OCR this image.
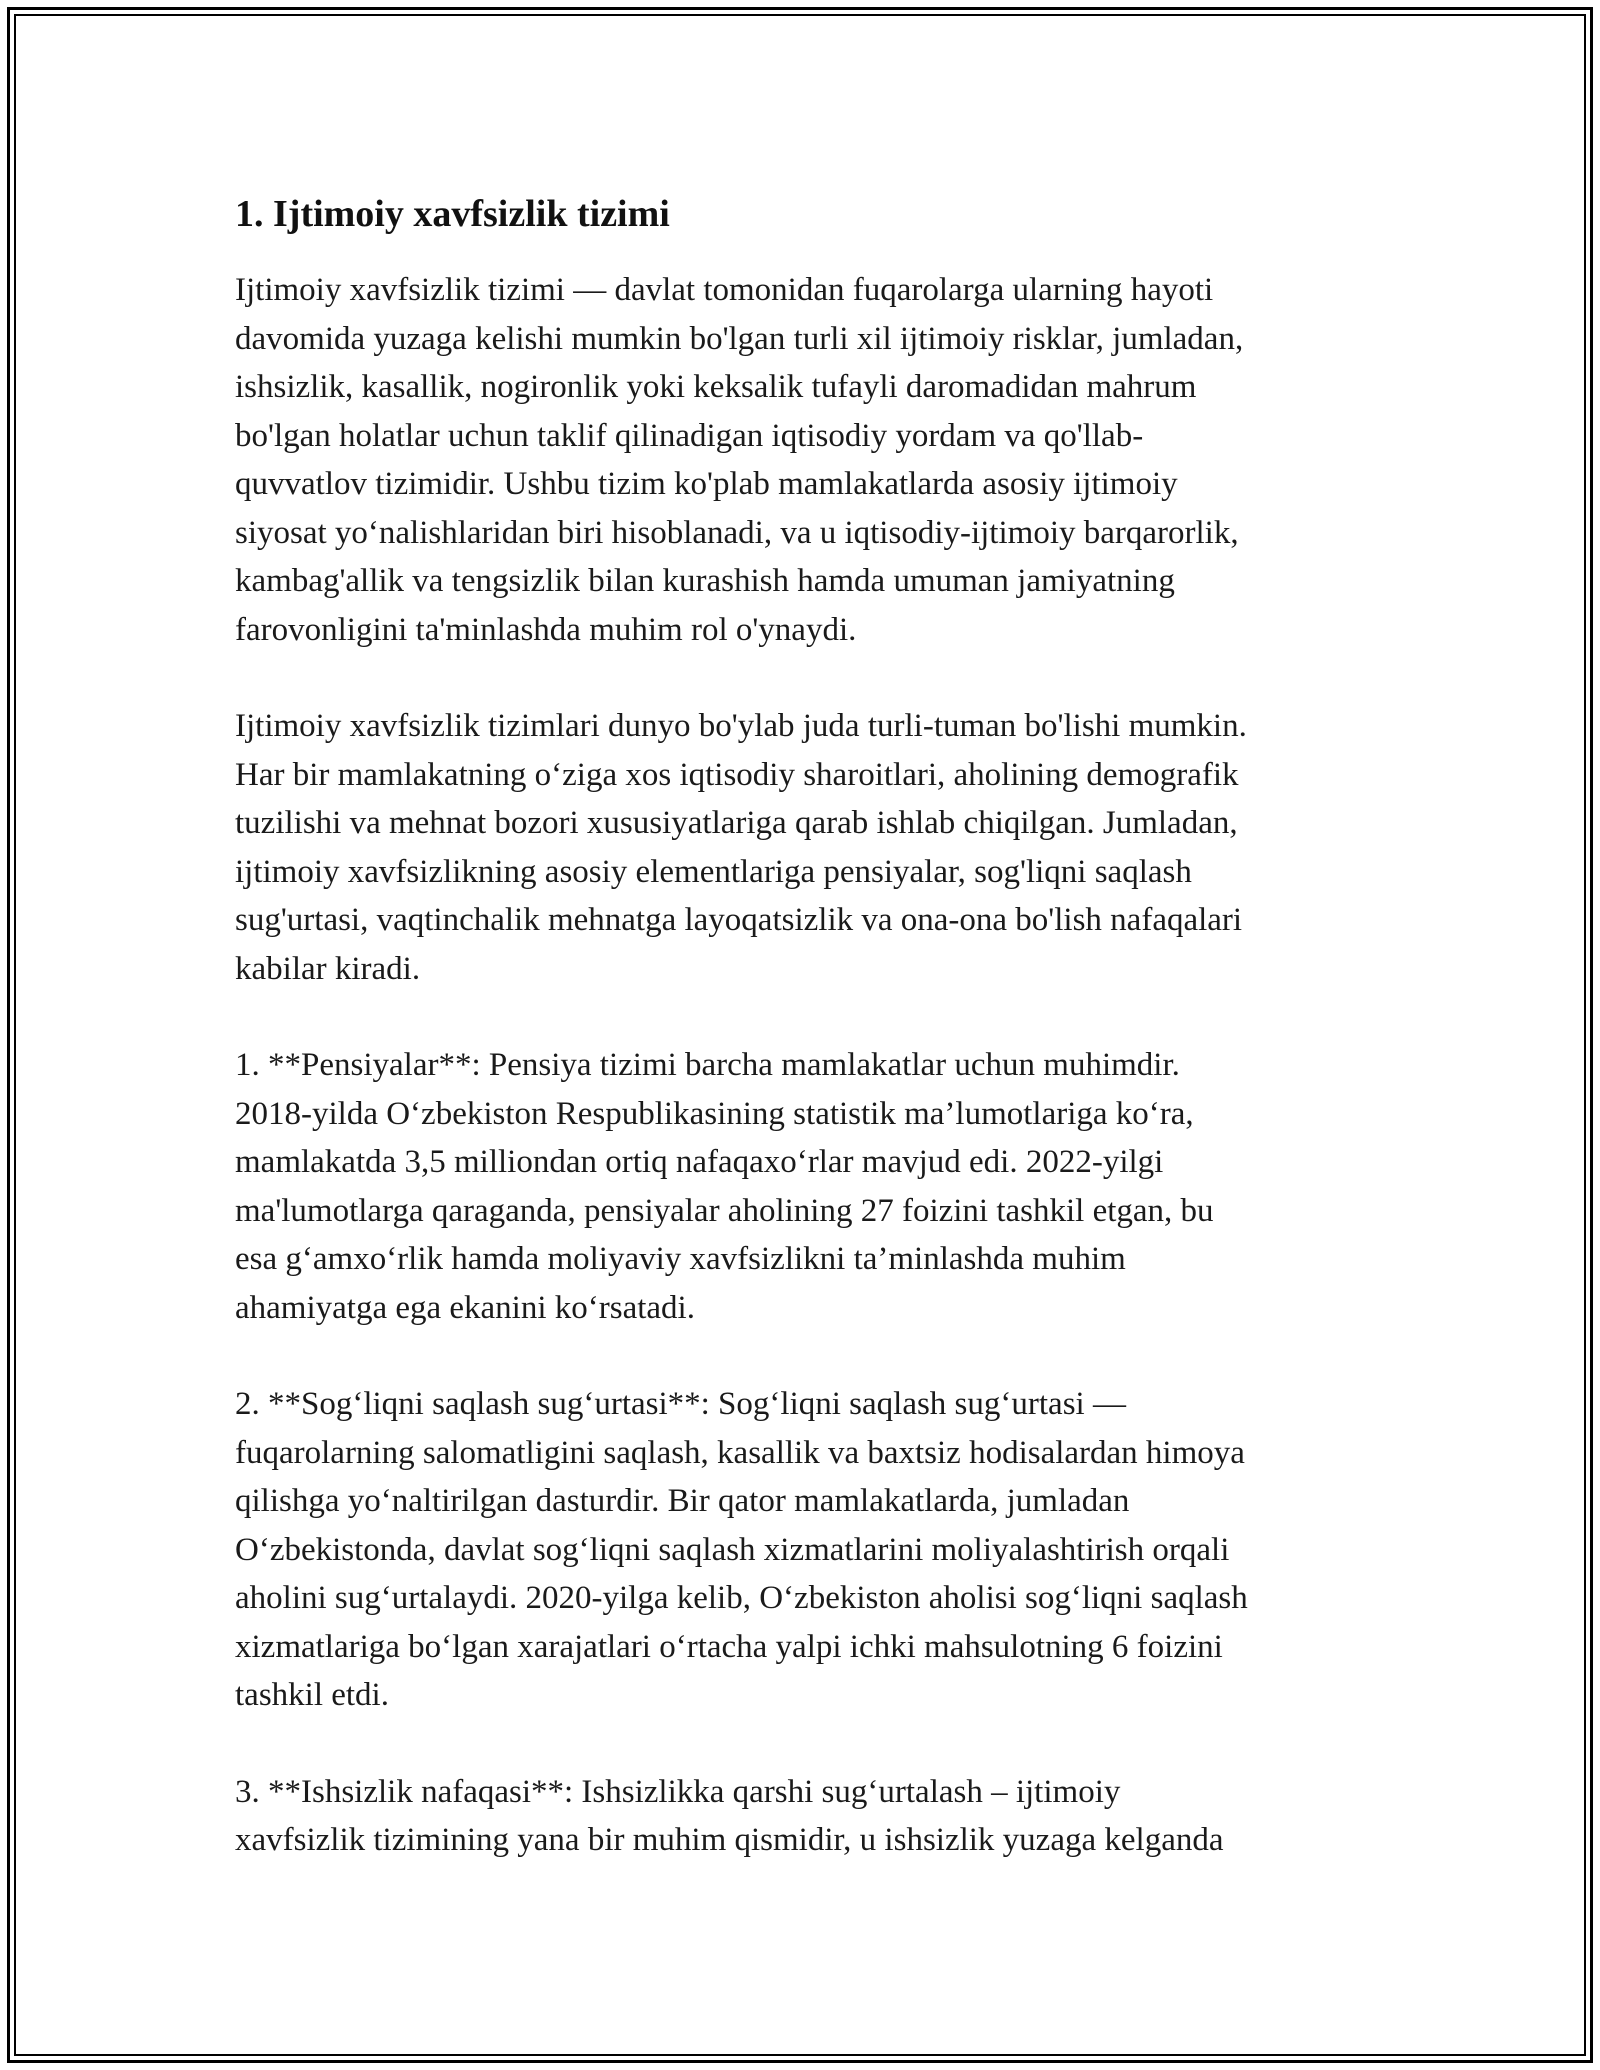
1. Ijtimoiy xavfsizlik tizimi

Ijtimoiy xavfsizlik tizimi — davlat tomonidan fuqarolarga ularning hayoti
davomida yuzaga kelishi mumkin bo'lgan turli xil ijtimoiy risklar, jumladan,
ishsizlik, kasallik, nogironlik yoki keksalik tufayli daromadidan mahrum
bo'lgan holatlar uchun taklif qilinadigan iqtisodiy yordam va qo'llab-
quvvatlov tizimidir. Ushbu tizim ko'plab mamlakatlarda asosiy ijtimoiy
siyosat yo‘nalishlaridan biri hisoblanadi, va u iqtisodiy-ijtimoiy barqarorlik,
kambag'allik va tengsizlik bilan kurashish hamda umuman jamiyatning
farovonligini ta'minlashda muhim rol o'ynaydi.

Ijtimoiy xavfsizlik tizimlari dunyo bo'ylab juda turli-tuman bo'lishi mumkin.
Har bir mamlakatning o‘ziga xos iqtisodiy sharoitlari, aholining demografik
tuzilishi va mehnat bozori xususiyatlariga qarab ishlab chiqilgan. Jumladan,
ijtimoiy xavfsizlikning asosiy elementlariga pensiyalar, sog'liqni saqlash
sug'urtasi, vaqtinchalik mehnatga layoqatsizlik va ona-ona bo'lish nafaqalari
kabilar kiradi.

1. **Pensiyalar**: Pensiya tizimi barcha mamlakatlar uchun muhimdir.
2018-yilda O‘zbekiston Respublikasining statistik ma’lumotlariga ko‘ra,
mamlakatda 3,5 milliondan ortiq nafaqaxo‘rlar mavjud edi. 2022-yilgi
ma'lumotlarga qaraganda, pensiyalar aholining 27 foizini tashkil etgan, bu
esa g‘amxo‘rlik hamda moliyaviy xavfsizlikni ta’minlashda muhim
ahamiyatga ega ekanini ko‘rsatadi.

2. **Sog‘liqni saqlash sug‘urtasi**: Sog‘liqni saqlash sug‘urtasi —
fuqarolarning salomatligini saqlash, kasallik va baxtsiz hodisalardan himoya
qilishga yo‘naltirilgan dasturdir. Bir qator mamlakatlarda, jumladan
O‘zbekistonda, davlat sog‘liqni saqlash xizmatlarini moliyalashtirish orqali
aholini sug‘urtalaydi. 2020-yilga kelib, O‘zbekiston aholisi sog‘liqni saqlash
xizmatlariga bo‘lgan xarajatlari o‘rtacha yalpi ichki mahsulotning 6 foizini
tashkil etdi.

3. **Ishsizlik nafaqasi**: Ishsizlikka qarshi sug‘urtalash – ijtimoiy
xavfsizlik tizimining yana bir muhim qismidir, u ishsizlik yuzaga kelganda
